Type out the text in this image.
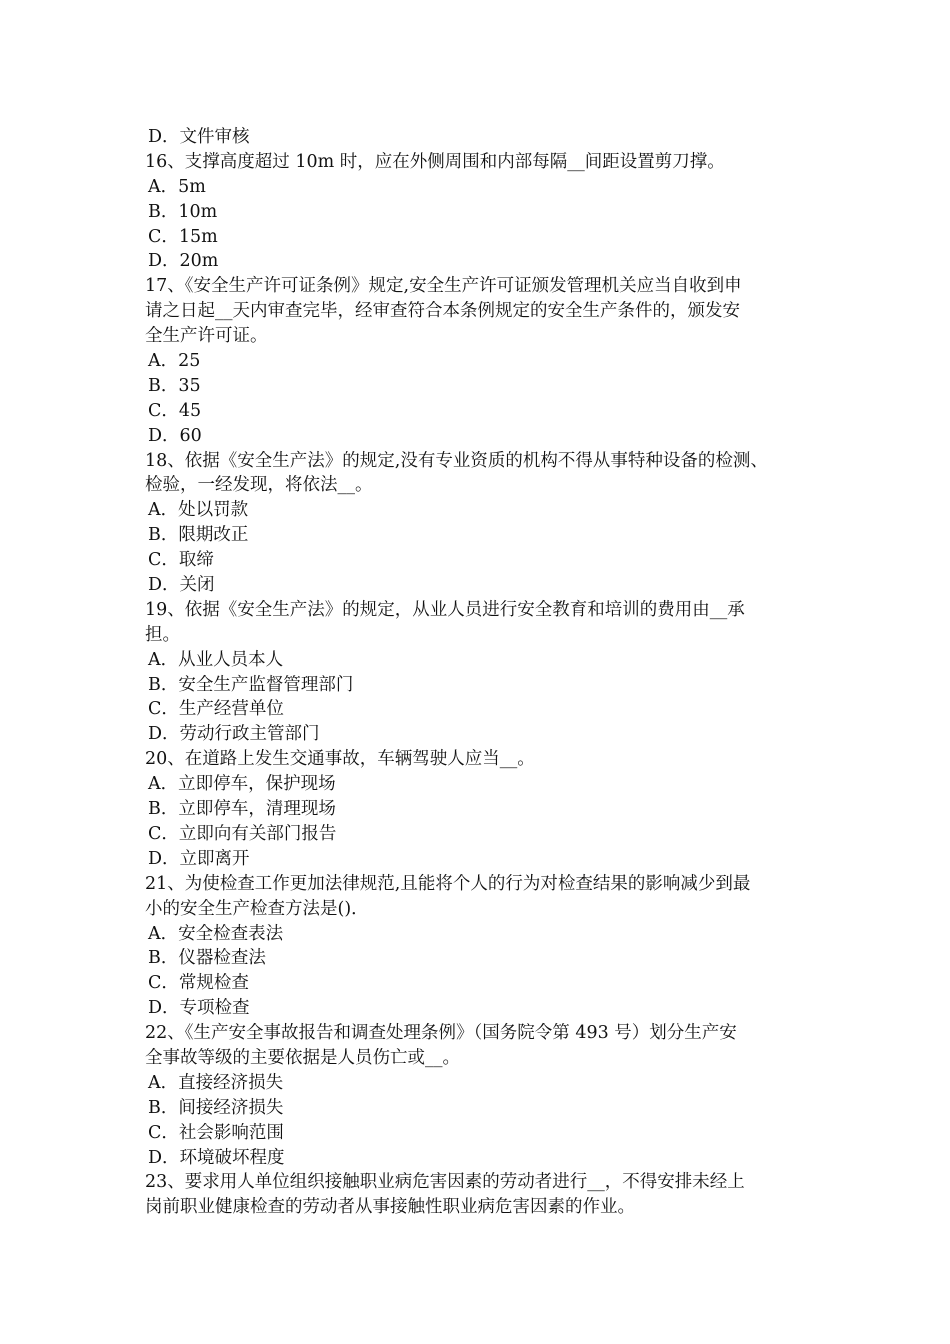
D．文件审核
16、支撑高度超过 10m 时，应在外侧周围和内部每隔__间距设置剪刀撑。
A．5m
B．10m
C．15m
D．20m
17、《安全生产许可证条例》规定,安全生产许可证颁发管理机关应当自收到申
请之日起__天内审查完毕，经审查符合本条例规定的安全生产条件的，颁发安
全生产许可证。
A．25
B．35
C．45
D．60
18、依据《安全生产法》的规定,没有专业资质的机构不得从事特种设备的检测、
检验，一经发现，将依法__。
A．处以罚款
B．限期改正
C．取缔
D．关闭
19、依据《安全生产法》的规定，从业人员进行安全教育和培训的费用由__承
担。
A．从业人员本人
B．安全生产监督管理部门
C．生产经营单位
D．劳动行政主管部门
20、在道路上发生交通事故，车辆驾驶人应当__。
A．立即停车，保护现场
B．立即停车，清理现场
C．立即向有关部门报告
D．立即离开
21、为使检查工作更加法律规范,且能将个人的行为对检查结果的影响减少到最
小的安全生产检查方法是()．
A．安全检查表法
B．仪器检查法
C．常规检查
D．专项检查
22、《生产安全事故报告和调查处理条例》（国务院令第 493 号）划分生产安
全事故等级的主要依据是人员伤亡或__。
A．直接经济损失
B．间接经济损失
C．社会影响范围
D．环境破坏程度
23、要求用人单位组织接触职业病危害因素的劳动者进行__，不得安排未经上
岗前职业健康检查的劳动者从事接触性职业病危害因素的作业。
